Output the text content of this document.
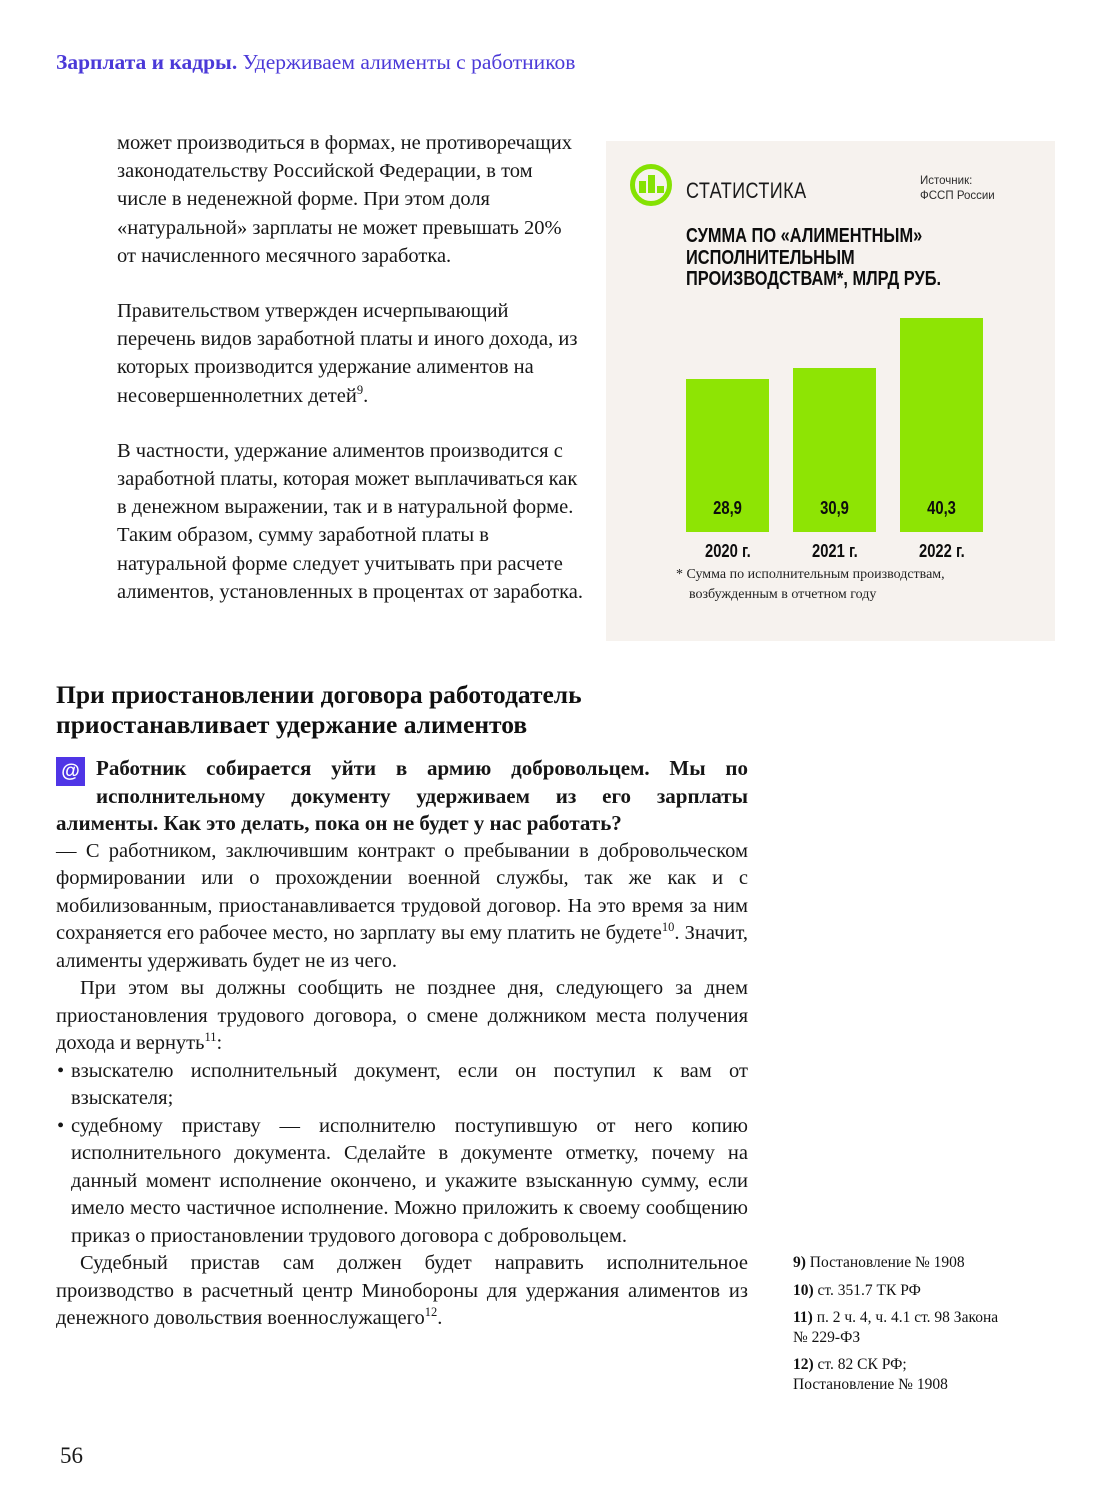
Зарплата и кадры. Удерживаем алименты с работников

может производиться в формах, не противоречащих законодательству Российской Федерации, в том числе в неденежной форме. При этом доля «натуральной» зарплаты не может превышать 20% от начисленного месячного заработка.

Правительством утвержден исчерпывающий перечень видов заработной платы и иного дохода, из которых производится удержание алиментов на несовершеннолетних детей$^9$.

В частности, удержание алиментов производится с заработной платы, которая может выплачиваться как в денежном выражении, так и в натуральной форме. Таким образом, сумму заработной платы в натуральной форме следует учитывать при расчете алиментов, установленных в процентах от заработка.

СТАТИСТИКА	Источник:
ФССП России
СУММА ПО «АЛИМЕНТНЫМ»
ИСПОЛНИТЕЛЬНЫМ
ПРОИЗВОДСТВАМ*, МЛРД РУБ.
28,9
2020 г.
30,9
2021 г.
40,3
2022 г.
* Сумма по исполнительным производствам, возбужденным в отчетном году
При приостановлении договора работодатель приостанавливает удержание алиментов

@ Работник собирается уйти в армию добровольцем. Мы по исполнительному документу удерживаем из его зарплаты алименты. Как это делать, пока он не будет у нас работать?

— С работником, заключившим контракт о пребывании в добровольческом формировании или о прохождении военной службы, так же как и с мобилизованным, приостанавливается трудовой договор. На это время за ним сохраняется его рабочее место, но зарплату вы ему платить не будете$^{10}$. Значит, алименты удерживать будет не из чего.

При этом вы должны сообщить не позднее дня, следующего за днем приостановления трудового договора, о смене должником места получения дохода и вернуть$^{11}$:

• взыскателю исполнительный документ, если он поступил к вам от взыскателя;
• судебному приставу — исполнителю поступившую от него копию исполнительного документа. Сделайте в документе отметку, почему на данный момент исполнение окончено, и укажите взысканную сумму, если имело место частичное исполнение. Можно приложить к своему сообщению приказ о приостановлении трудового договора с добровольцем.

Судебный пристав сам должен будет направить исполнительное производство в расчетный центр Минобороны для удержания алиментов из денежного довольствия военнослужащего$^{12}$.

9) Постановление № 1908
10) ст. 351.7 ТК РФ
11) п. 2 ч. 4, ч. 4.1 ст. 98 Закона
№ 229-ФЗ
12) ст. 82 СК РФ;
Постановление № 1908
56
